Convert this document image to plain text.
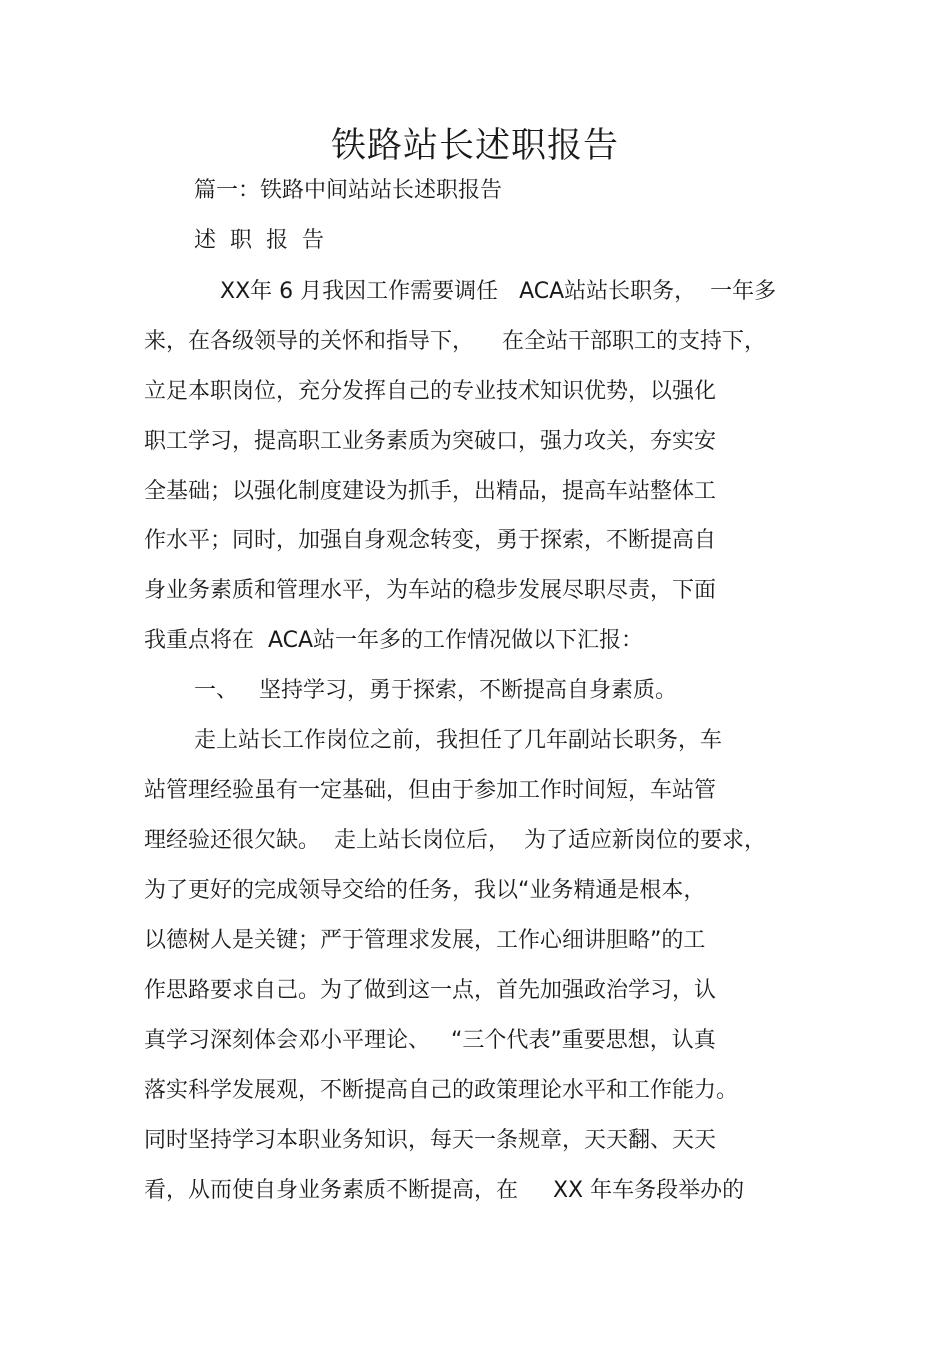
铁路站长述职报告
篇一：铁路中间站站长述职报告
述  职  报  告
XX年 6 月我因工作需要调任   ACA站站长职务，  一年多
来，在各级领导的关怀和指导下，    在全站干部职工的支持下，
立足本职岗位，充分发挥自己的专业技术知识优势，以强化
职工学习，提高职工业务素质为突破口，强力攻关，夯实安
全基础；以强化制度建设为抓手，出精品，提高车站整体工
作水平；同时，加强自身观念转变，勇于探索，不断提高自
身业务素质和管理水平，为车站的稳步发展尽职尽责，下面
我重点将在  ACA站一年多的工作情况做以下汇报：
一、   坚持学习，勇于探索，不断提高自身素质。
走上站长工作岗位之前，我担任了几年副站长职务，车
站管理经验虽有一定基础，但由于参加工作时间短，车站管
理经验还很欠缺。  走上站长岗位后，  为了适应新岗位的要求，
为了更好的完成领导交给的任务，我以“业务精通是根本，
以德树人是关键；严于管理求发展，工作心细讲胆略”的工
作思路要求自己。为了做到这一点，首先加强政治学习，认
真学习深刻体会邓小平理论、   “三个代表”重要思想，认真
落实科学发展观，不断提高自己的政策理论水平和工作能力。
同时坚持学习本职业务知识，每天一条规章，天天翻、天天
看，从而使自身业务素质不断提高，在     XX 年车务段举办的
